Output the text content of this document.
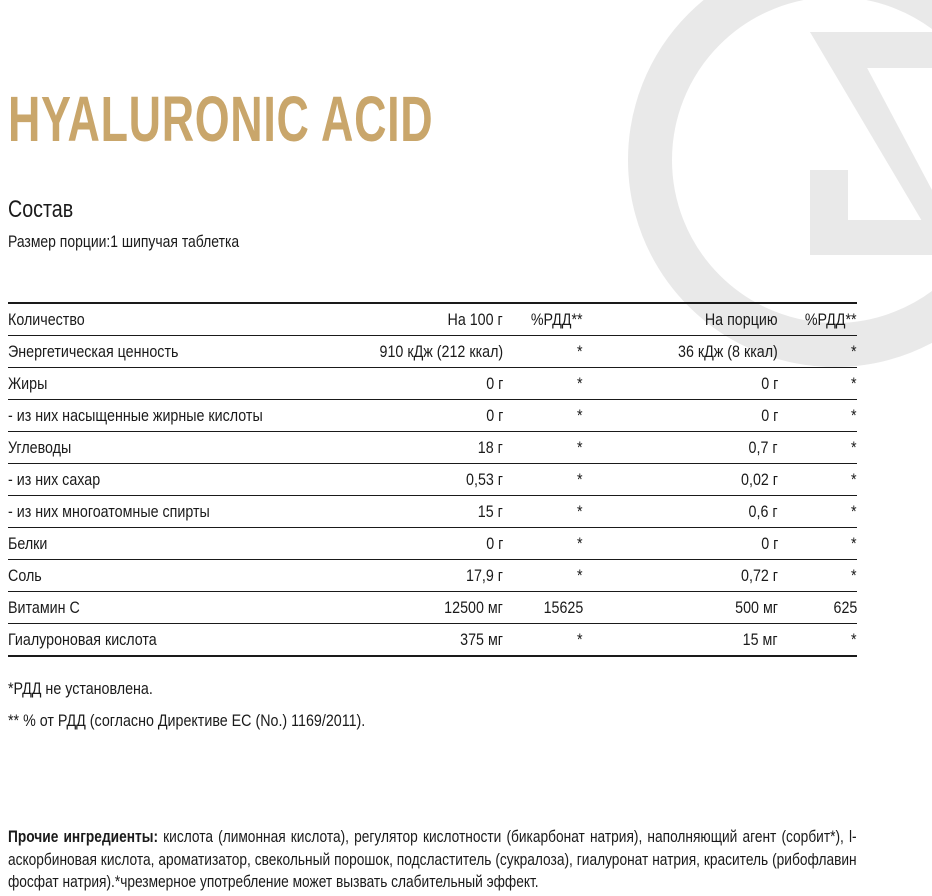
HYALURONIC ACID
Состав

Размер порции:1 шипучая таблетка

Количество	На 100 г	%РДД**	На порцию	%РДД**
Энергетическая ценность	910 кДж (212 ккал)	*	36 кДж (8 ккал)	*
Жиры	0 г	*	0 г	*
- из них насыщенные жирные кислоты	0 г	*	0 г	*
Углеводы	18 г	*	0,7 г	*
- из них сахар	0,53 г	*	0,02 г	*
- из них многоатомные спирты	15 г	*	0,6 г	*
Белки	0 г	*	0 г	*
Соль	17,9 г	*	0,72 г	*
Витамин С	12500 мг	15625	500 мг	625
Гиалуроновая кислота	375 мг	*	15 мг	*

*РДД не установлена.

** % от РДД (согласно Директиве ЕС (No.) 1169/2011).

Прочие ингредиенты: кислота (лимонная кислота), регулятор кислотности (бикарбонат натрия), наполняющий агент (сорбит*), l-аскорбиновая кислота, ароматизатор, свекольный порошок, подсластитель (сукралоза), гиалуронат натрия, краситель (рибофлавин фосфат натрия).*чрезмерное употребление может вызвать слабительный эффект.
